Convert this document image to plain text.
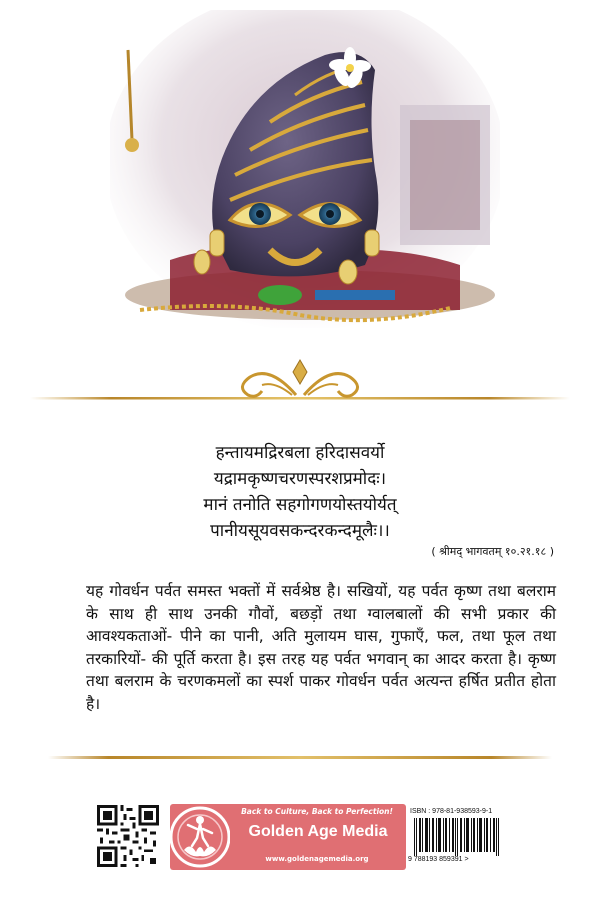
हन्तायमद्रिरबला हरिदासवर्यो
यद्रामकृष्णचरणस्परशप्रमोदः।
मानं तनोति सहगोगणयोस्तयोर्यत्
पानीयसूयवसकन्दरकन्दमूलैः।।
( श्रीमद् भागवतम् १०.२१.१८ )
यह गोवर्धन पर्वत समस्त भक्तों में सर्वश्रेष्ठ है। सखियों, यह पर्वत कृष्ण तथा बलराम के साथ ही साथ उनकी गौवों, बछड़ों तथा ग्वालबालों की सभी प्रकार की आवश्यकताओं- पीने का पानी, अति मुलायम घास, गुफाएँ, फल, तथा फूल तथा तरकारियों- की पूर्ति करता है। इस तरह यह पर्वत भगवान् का आदर करता है। कृष्ण तथा बलराम के चरणकमलों का स्पर्श पाकर गोवर्धन पर्वत अत्यन्त हर्षित प्रतीत होता है।
Back to Culture, Back to Perfection!
Golden Age Media
www.goldenagemedia.org
ISBN : 978-81-938593-9-1
9 788193 859391 >
